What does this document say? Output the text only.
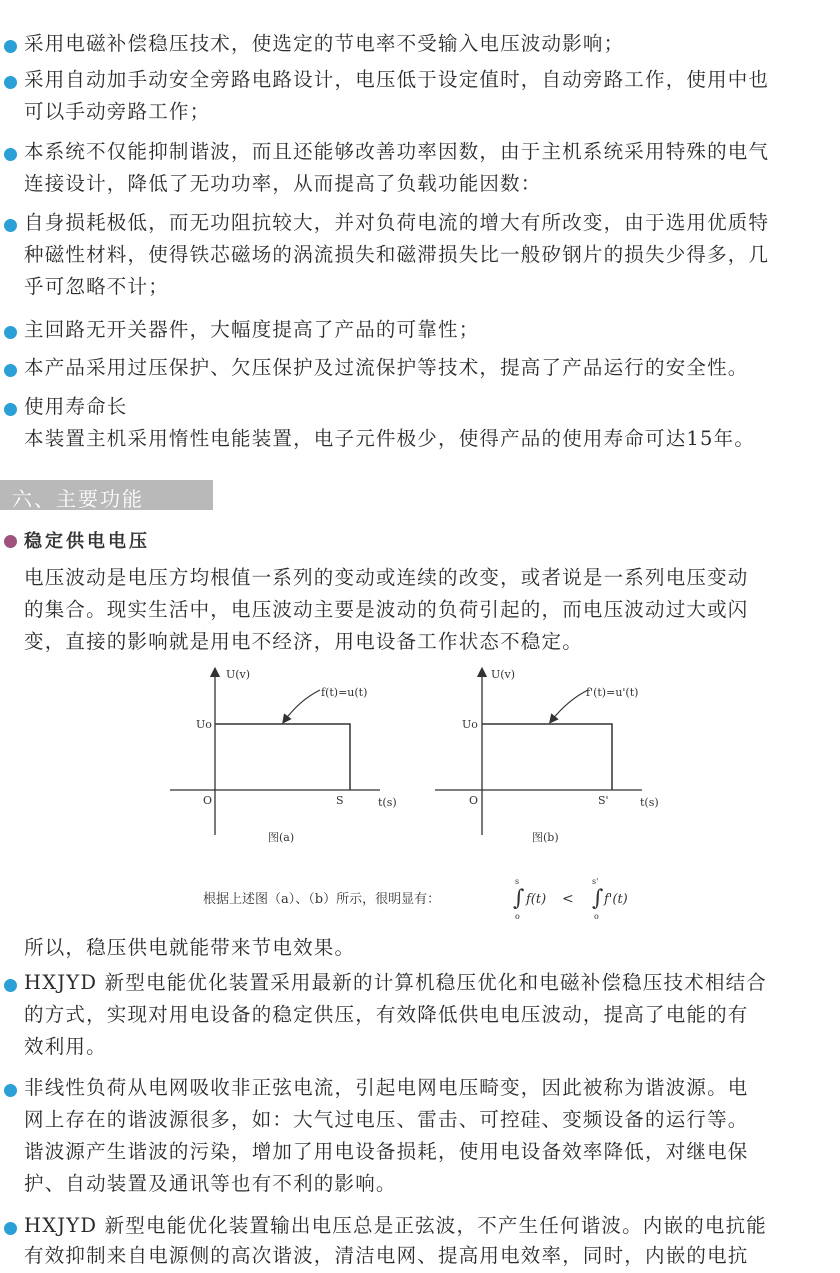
采用电磁补偿稳压技术，使选定的节电率不受输入电压波动影响；
采用自动加手动安全旁路电路设计，电压低于设定值时，自动旁路工作，使用中也
可以手动旁路工作；
本系统不仅能抑制谐波，而且还能够改善功率因数，由于主机系统采用特殊的电气
连接设计，降低了无功功率，从而提高了负载功能因数：
自身损耗极低，而无功阻抗较大，并对负荷电流的增大有所改变，由于选用优质特
种磁性材料，使得铁芯磁场的涡流损失和磁滞损失比一般矽钢片的损失少得多，几
乎可忽略不计；
主回路无开关器件，大幅度提高了产品的可靠性；
本产品采用过压保护、欠压保护及过流保护等技术，提高了产品运行的安全性。
使用寿命长
本装置主机采用惰性电能装置，电子元件极少，使得产品的使用寿命可达15年。
六、主要功能
稳定供电电压
电压波动是电压方均根值一系列的变动或连续的改变，或者说是一系列电压变动
的集合。现实生活中，电压波动主要是波动的负荷引起的，而电压波动过大或闪
变，直接的影响就是用电不经济，用电设备工作状态不稳定。
U(v)
f(t)=u(t)
Uo
O	S	t(s)
图(a)
U(v)
f'(t)=u'(t)
Uo
O	S'	t(s)
图(b)
根据上述图（a）、（b）所示，很明显有：
s
∫ f(t)
o
<
s'
∫ f'(t)
o
所以，稳压供电就能带来节电效果。
HXJYD 新型电能优化装置采用最新的计算机稳压优化和电磁补偿稳压技术相结合
的方式，实现对用电设备的稳定供压，有效降低供电电压波动，提高了电能的有
效利用。
非线性负荷从电网吸收非正弦电流，引起电网电压畸变，因此被称为谐波源。电
网上存在的谐波源很多，如：大气过电压、雷击、可控硅、变频设备的运行等。
谐波源产生谐波的污染，增加了用电设备损耗，使用电设备效率降低，对继电保
护、自动装置及通讯等也有不利的影响。
HXJYD 新型电能优化装置输出电压总是正弦波，不产生任何谐波。内嵌的电抗能
有效抑制来自电源侧的高次谐波，清洁电网、提高用电效率，同时，内嵌的电抗
